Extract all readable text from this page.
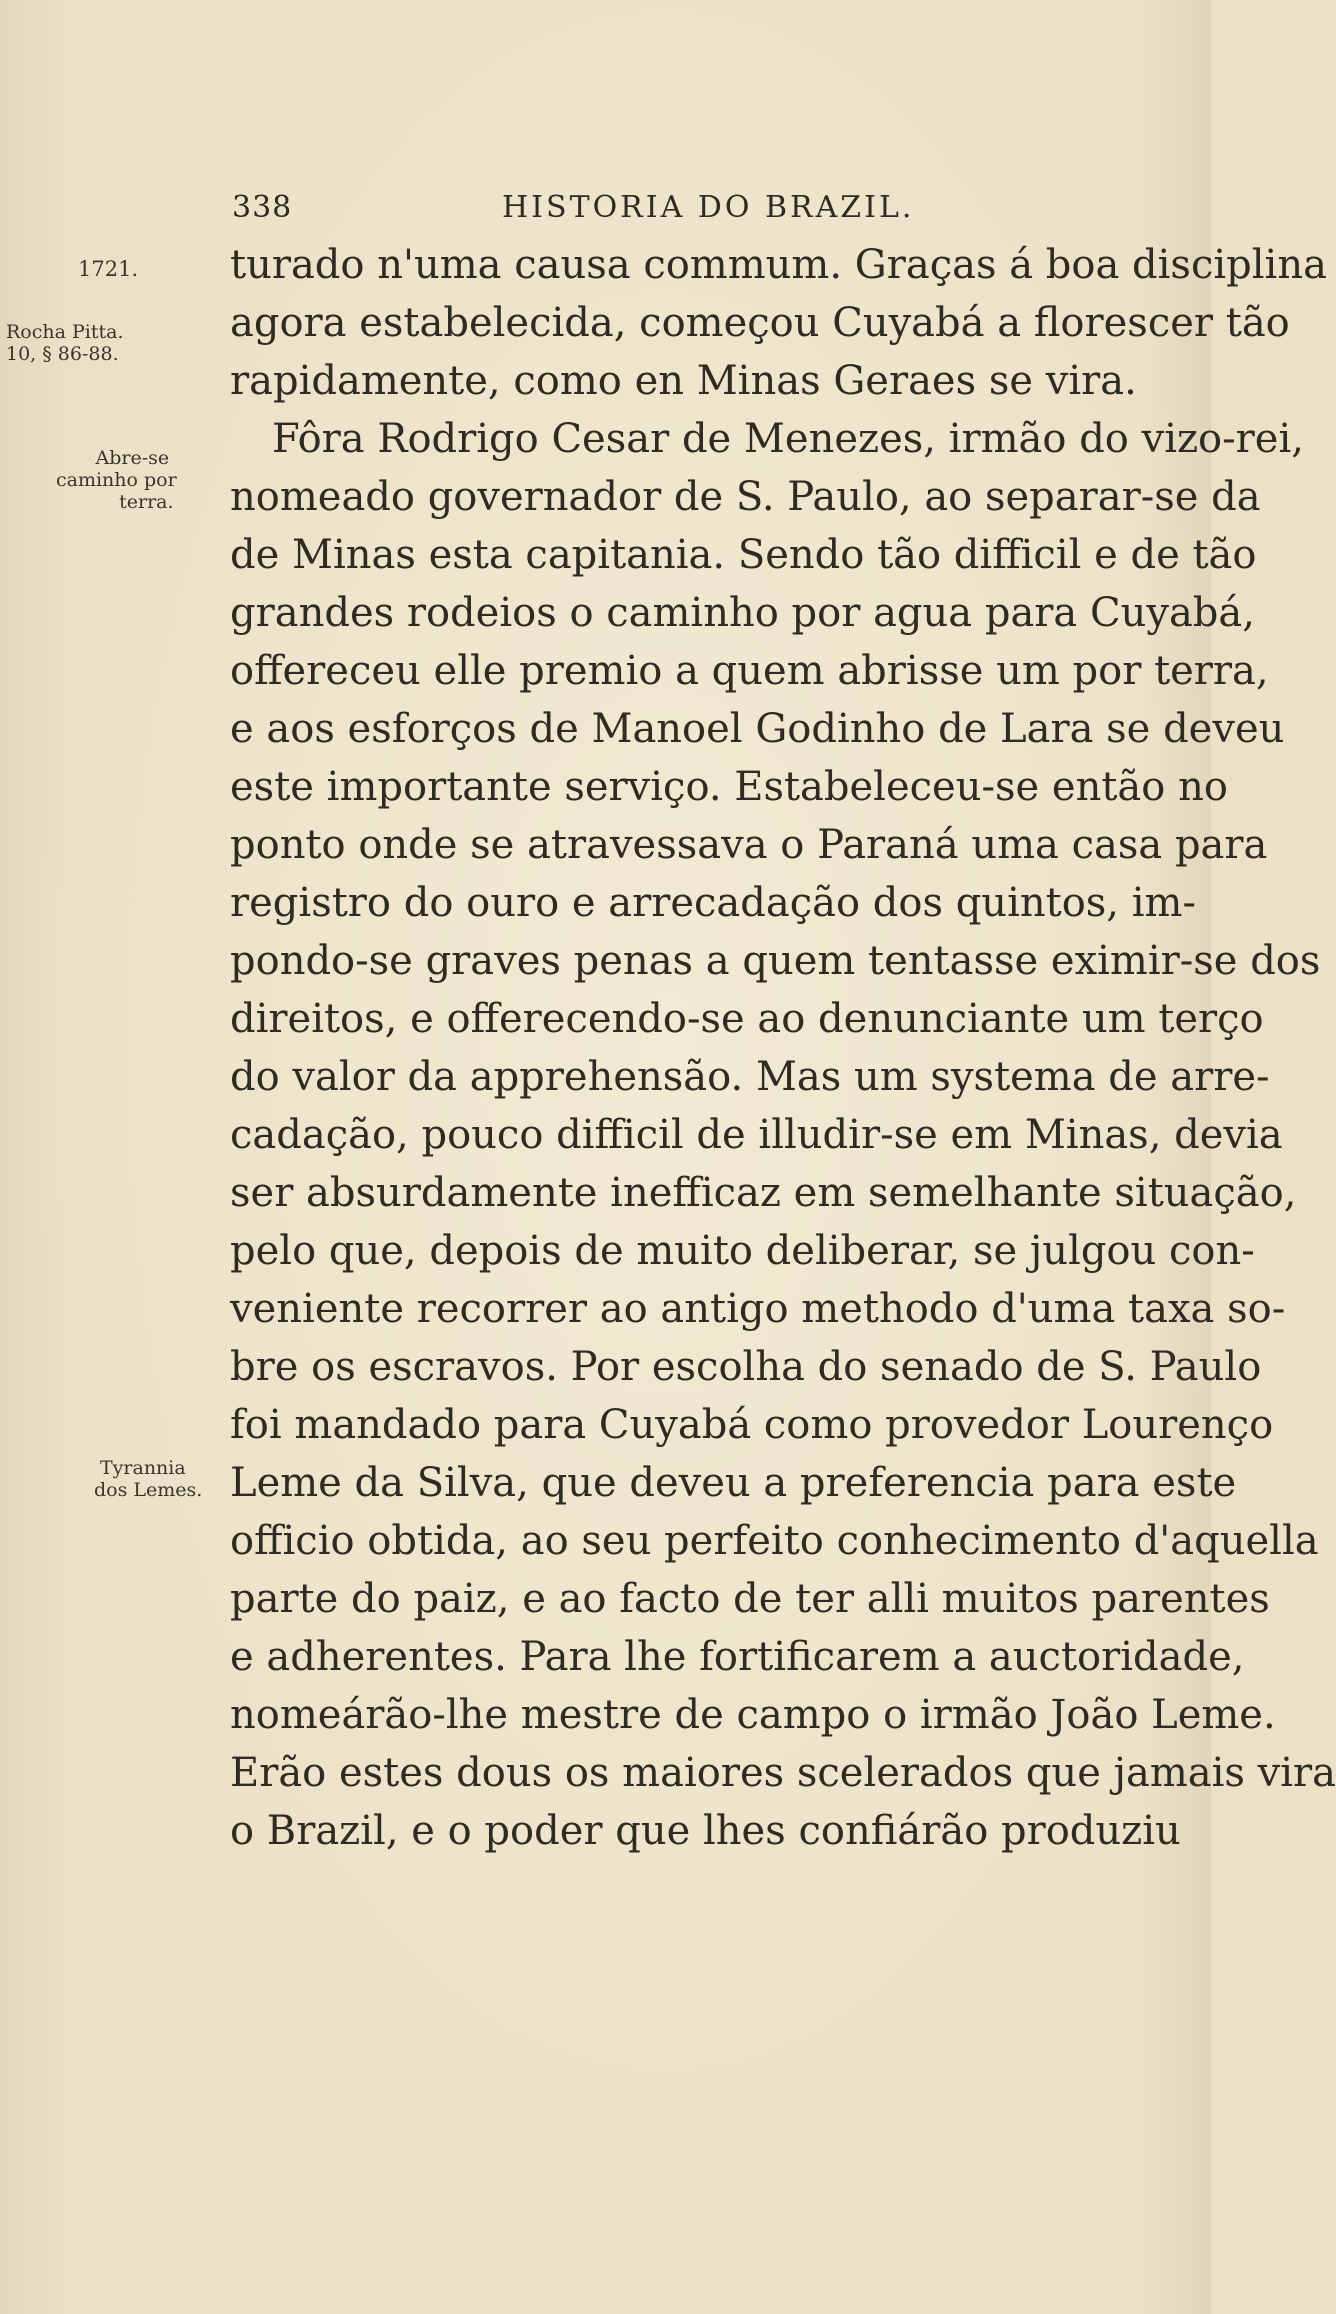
338	HISTORIA DO BRAZIL.
1721.
Rocha Pitta.
10, § 86-88.
Abre-se
caminho por
terra.
Tyrannia
dos Lemes.
turado n'uma causa commum. Graças á boa disciplina
agora estabelecida, começou Cuyabá a florescer tão
rapidamente, como en Minas Geraes se vira.
Fôra Rodrigo Cesar de Menezes, irmão do vizo-rei,
nomeado governador de S. Paulo, ao separar-se da
de Minas esta capitania. Sendo tão difficil e de tão
grandes rodeios o caminho por agua para Cuyabá,
offereceu elle premio a quem abrisse um por terra,
e aos esforços de Manoel Godinho de Lara se deveu
este importante serviço. Estabeleceu-se então no
ponto onde se atravessava o Paraná uma casa para
registro do ouro e arrecadação dos quintos, im-
pondo-se graves penas a quem tentasse eximir-se dos
direitos, e offerecendo-se ao denunciante um terço
do valor da apprehensão. Mas um systema de arre-
cadação, pouco difficil de illudir-se em Minas, devia
ser absurdamente inefficaz em semelhante situação,
pelo que, depois de muito deliberar, se julgou con-
veniente recorrer ao antigo methodo d'uma taxa so-
bre os escravos. Por escolha do senado de S. Paulo
foi mandado para Cuyabá como provedor Lourenço
Leme da Silva, que deveu a preferencia para este
officio obtida, ao seu perfeito conhecimento d'aquella
parte do paiz, e ao facto de ter alli muitos parentes
e adherentes. Para lhe fortificarem a auctoridade,
nomeárão-lhe mestre de campo o irmão João Leme.
Erão estes dous os maiores scelerados que jamais vira
o Brazil, e o poder que lhes confiárão produziu
